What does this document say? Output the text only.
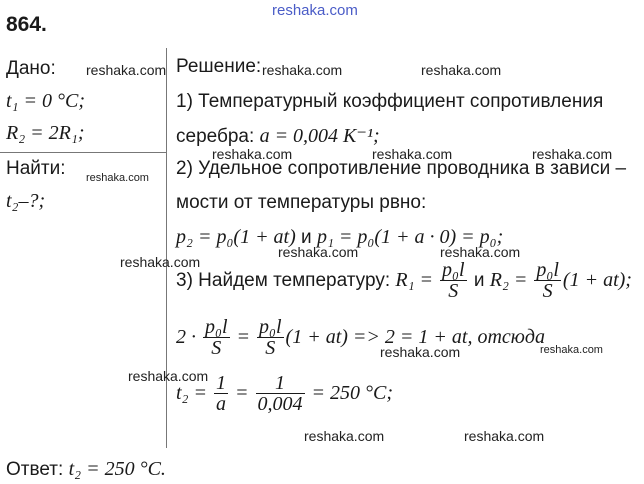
864.
reshaka.com
Дано:
t₁ = 0 °C;
R₂ = 2R₁;
Найти:
t₂–?;
Решение:
1) Температурный коэффициент сопротивления
серебра: a = 0,004 K⁻¹;
2) Удельное сопротивление проводника в зависи –
мости от температуры рвно:
p₂ = p₀(1 + at) и p₁ = p₀(1 + a · 0) = p₀;
3) Найдем температуру: $R_1 = \frac{\text{p₀l}}{S}$ и $R_2 = \frac{\text{p₀l}}{S} (1 + at)$;
$2 \cdot \frac{\text{p₀l}}{S} = \frac{\text{p₀l}}{S} (1 + at) => 2 = 1$ + at, отсюда
$t_2 = \frac{1}{a} = \frac{1}{0,004} = 250$ °C;
Ответ: t₂ = 250 °C.
reshaka.com	reshaka.com	reshaka.com
reshaka.com	reshaka.com	reshaka.com
reshaka.com
reshaka.com
reshaka.com	reshaka.com
reshaka.com	reshaka.com
reshaka.com
reshaka.com	reshaka.com
